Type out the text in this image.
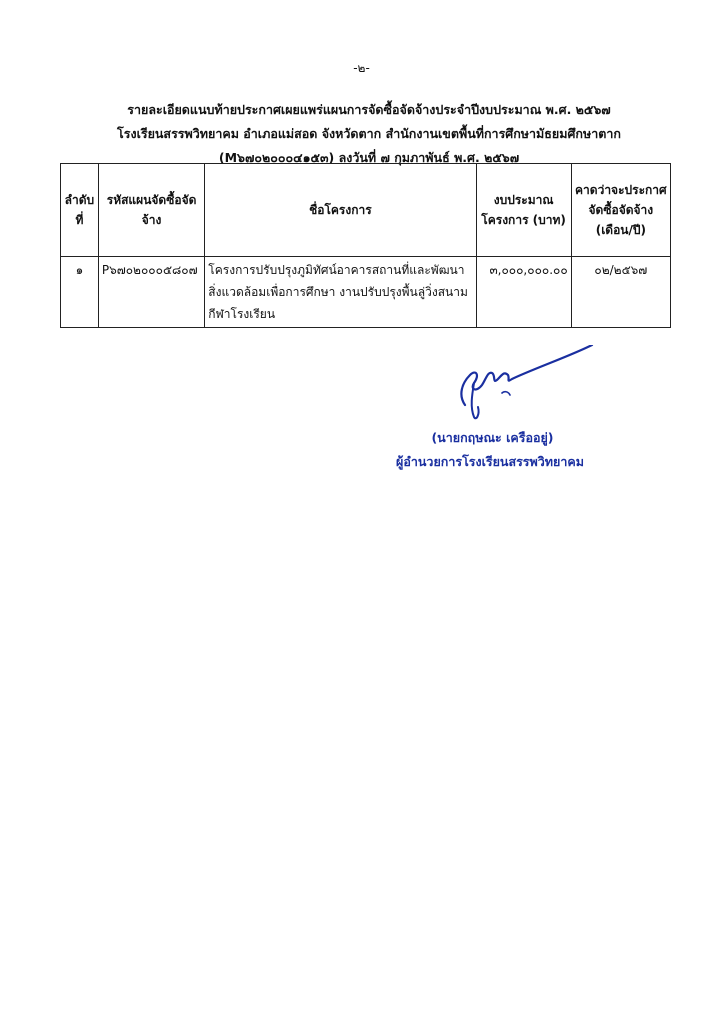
-๒-
รายละเอียดแนบท้ายประกาศเผยแพร่แผนการจัดซื้อจัดจ้างประจำปีงบประมาณ พ.ศ. ๒๕๖๗
โรงเรียนสรรพวิทยาคม อำเภอแม่สอด จังหวัดตาก สำนักงานเขตพื้นที่การศึกษามัธยมศึกษาตาก
(M๖๗๐๒๐๐๐๔๑๕๓) ลงวันที่ ๗ กุมภาพันธ์ พ.ศ. ๒๕๖๗
ลำดับที่	รหัสแผนจัดซื้อจัดจ้าง	ชื่อโครงการ	งบประมาณโครงการ (บาท)	คาดว่าจะประกาศ จัดซื้อจัดจ้าง (เดือน/ปี)
๑	P๖๗๐๒๐๐๐๕๘๐๗	โครงการปรับปรุงภูมิทัศน์อาคารสถานที่และพัฒนาสิ่งแวดล้อมเพื่อการศึกษา งานปรับปรุงพื้นลู่วิ่งสนามกีฬาโรงเรียน	๓,๐๐๐,๐๐๐.๐๐	๐๒/๒๕๖๗
(นายกฤษณะ เครืออยู่)
ผู้อำนวยการโรงเรียนสรรพวิทยาคม
